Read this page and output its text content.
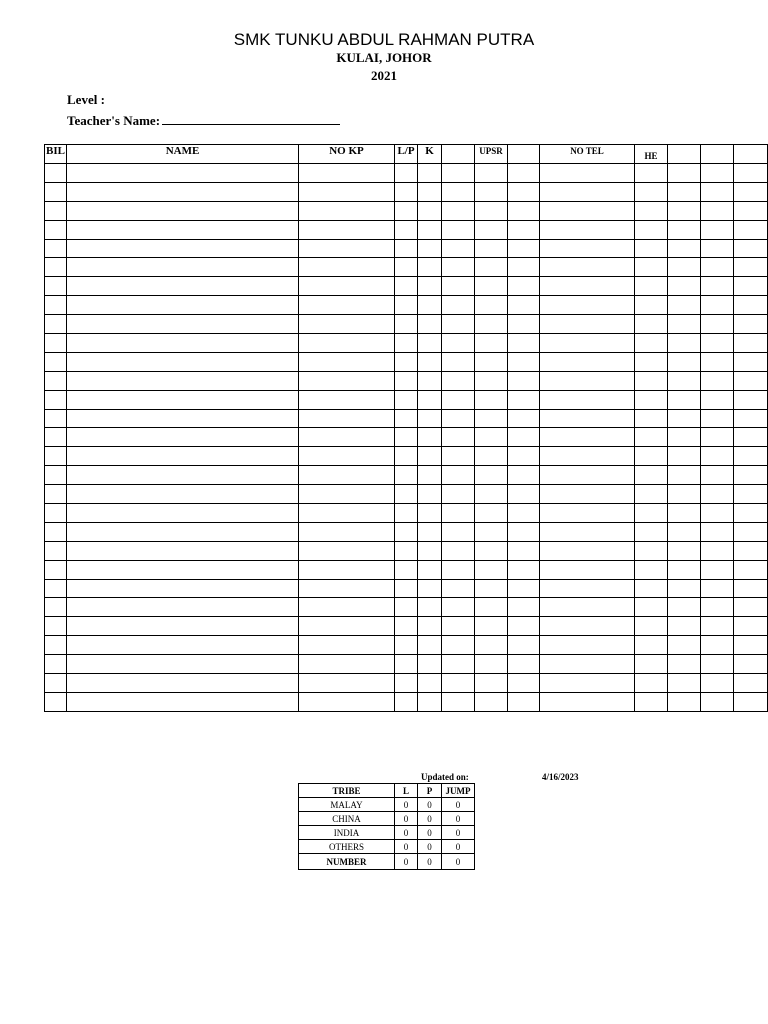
SMK TUNKU ABDUL RAHMAN PUTRA
KULAI, JOHOR
2021
Level :
Teacher's Name:
BIL	NAME	NO KP	L/P	K		UPSR		NO TEL	HE			

Updated on:	4/16/2023
TRIBE	L	P	JUMP
MALAY	0	0	0
CHINA	0	0	0
INDIA	0	0	0
OTHERS	0	0	0
NUMBER	0	0	0
